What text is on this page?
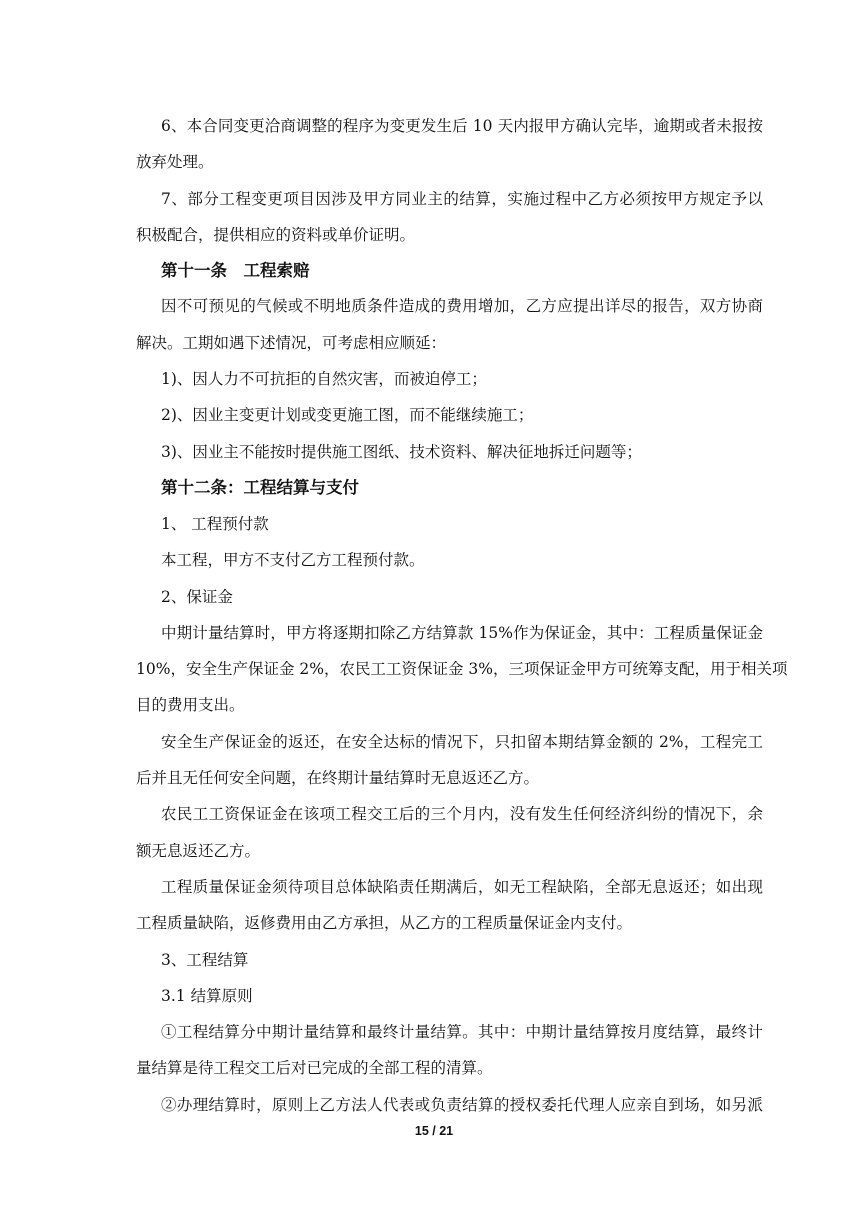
6、本合同变更洽商调整的程序为变更发生后 10 天内报甲方确认完毕，逾期或者未报按
放弃处理。
7、部分工程变更项目因涉及甲方同业主的结算，实施过程中乙方必须按甲方规定予以
积极配合，提供相应的资料或单价证明。
第十一条　工程索赔
因不可预见的气候或不明地质条件造成的费用增加，乙方应提出详尽的报告，双方协商
解决。工期如遇下述情况，可考虑相应顺延：
1)、因人力不可抗拒的自然灾害，而被迫停工；
2)、因业主变更计划或变更施工图，而不能继续施工；
3)、因业主不能按时提供施工图纸、技术资料、解决征地拆迁问题等；
第十二条：工程结算与支付
1、 工程预付款
本工程，甲方不支付乙方工程预付款。
2、保证金
中期计量结算时，甲方将逐期扣除乙方结算款 15%作为保证金，其中：工程质量保证金
10%，安全生产保证金 2%，农民工工资保证金 3%，三项保证金甲方可统筹支配，用于相关项
目的费用支出。
安全生产保证金的返还，在安全达标的情况下，只扣留本期结算金额的 2%，工程完工
后并且无任何安全问题，在终期计量结算时无息返还乙方。
农民工工资保证金在该项工程交工后的三个月内，没有发生任何经济纠纷的情况下，余
额无息返还乙方。
工程质量保证金须待项目总体缺陷责任期满后，如无工程缺陷，全部无息返还；如出现
工程质量缺陷，返修费用由乙方承担，从乙方的工程质量保证金内支付。
3、工程结算
3.1 结算原则
①工程结算分中期计量结算和最终计量结算。其中：中期计量结算按月度结算，最终计
量结算是待工程交工后对已完成的全部工程的清算。
②办理结算时，原则上乙方法人代表或负责结算的授权委托代理人应亲自到场，如另派
15 / 21
